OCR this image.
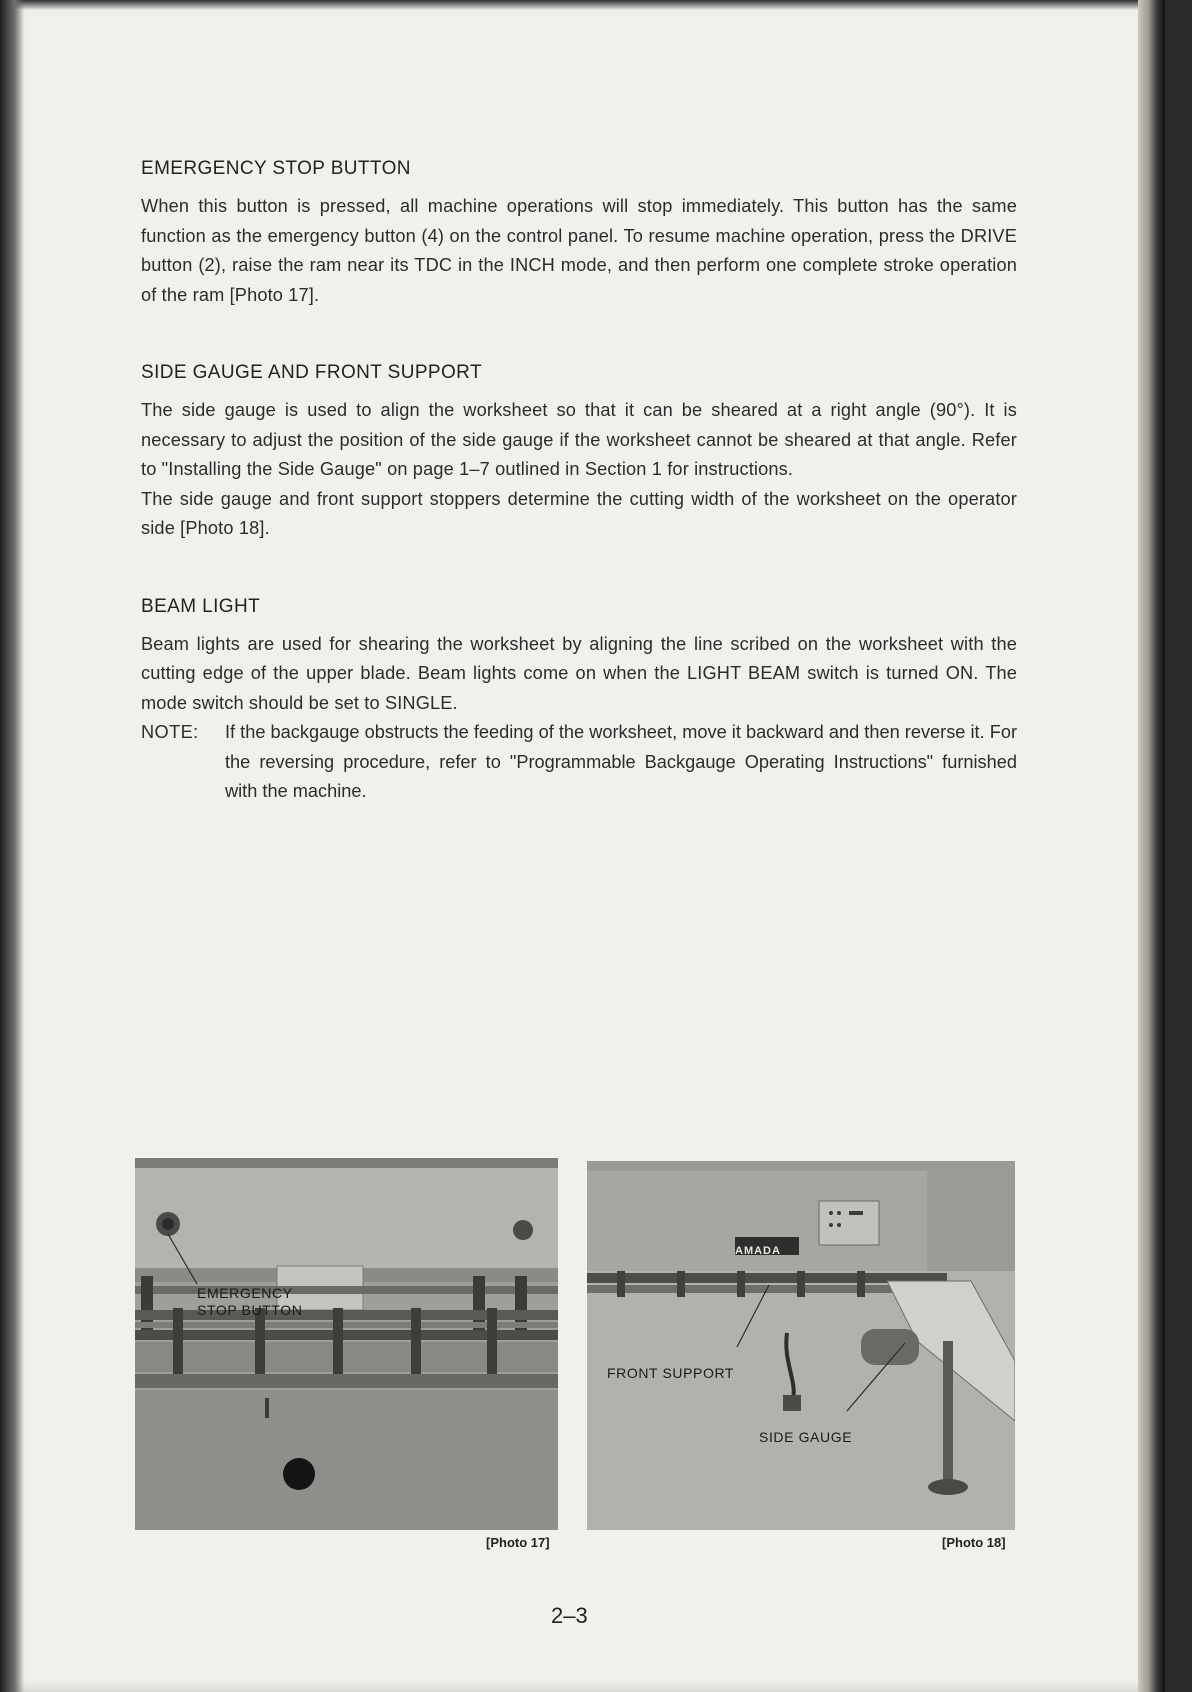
EMERGENCY STOP BUTTON

When this button is pressed, all machine operations will stop immediately. This button has the same function as the emergency button (4) on the control panel. To resume machine operation, press the DRIVE button (2), raise the ram near its TDC in the INCH mode, and then perform one complete stroke operation of the ram [Photo 17].

SIDE GAUGE AND FRONT SUPPORT

The side gauge is used to align the worksheet so that it can be sheared at a right angle (90°). It is necessary to adjust the position of the side gauge if the worksheet cannot be sheared at that angle. Refer to "Installing the Side Gauge" on page 1–7 outlined in Section 1 for instructions.

The side gauge and front support stoppers determine the cutting width of the worksheet on the operator side [Photo 18].

BEAM LIGHT

Beam lights are used for shearing the worksheet by aligning the line scribed on the worksheet with the cutting edge of the upper blade. Beam lights come on when the LIGHT BEAM switch is turned ON. The mode switch should be set to SINGLE.

NOTE:	If the backgauge obstructs the feeding of the worksheet, move it backward and then reverse it. For the reversing procedure, refer to "Programmable Backgauge Operating Instructions" furnished with the machine.
EMERGENCY
STOP BUTTON
[Photo 17]
AMADA
FRONT SUPPORT
SIDE GAUGE
[Photo 18]
2–3
